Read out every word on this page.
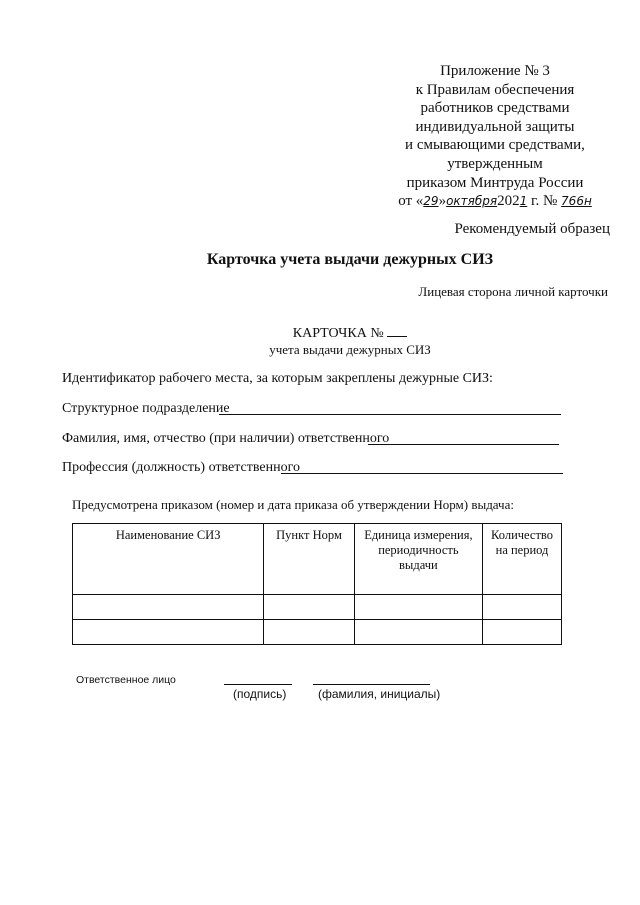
Приложение № 3
к Правилам обеспечения
работников средствами
индивидуальной защиты
и смывающими средствами,
утвержденным
приказом Минтруда России
от «29»октября2021 г. № 766н
Рекомендуемый образец
Карточка учета выдачи дежурных СИЗ
Лицевая сторона личной карточки
КАРТОЧКА №
учета выдачи дежурных СИЗ
Идентификатор рабочего места, за которым закреплены дежурные СИЗ:
Структурное подразделение
Фамилия, имя, отчество (при наличии) ответственного
Профессия (должность) ответственного
Предусмотрена приказом (номер и дата приказа об утверждении Норм) выдача:
Наименование СИЗ	Пункт Норм	Единица измерения, периодичность выдачи	Количество на период

Ответственное лицо
(подпись)	(фамилия, инициалы)
